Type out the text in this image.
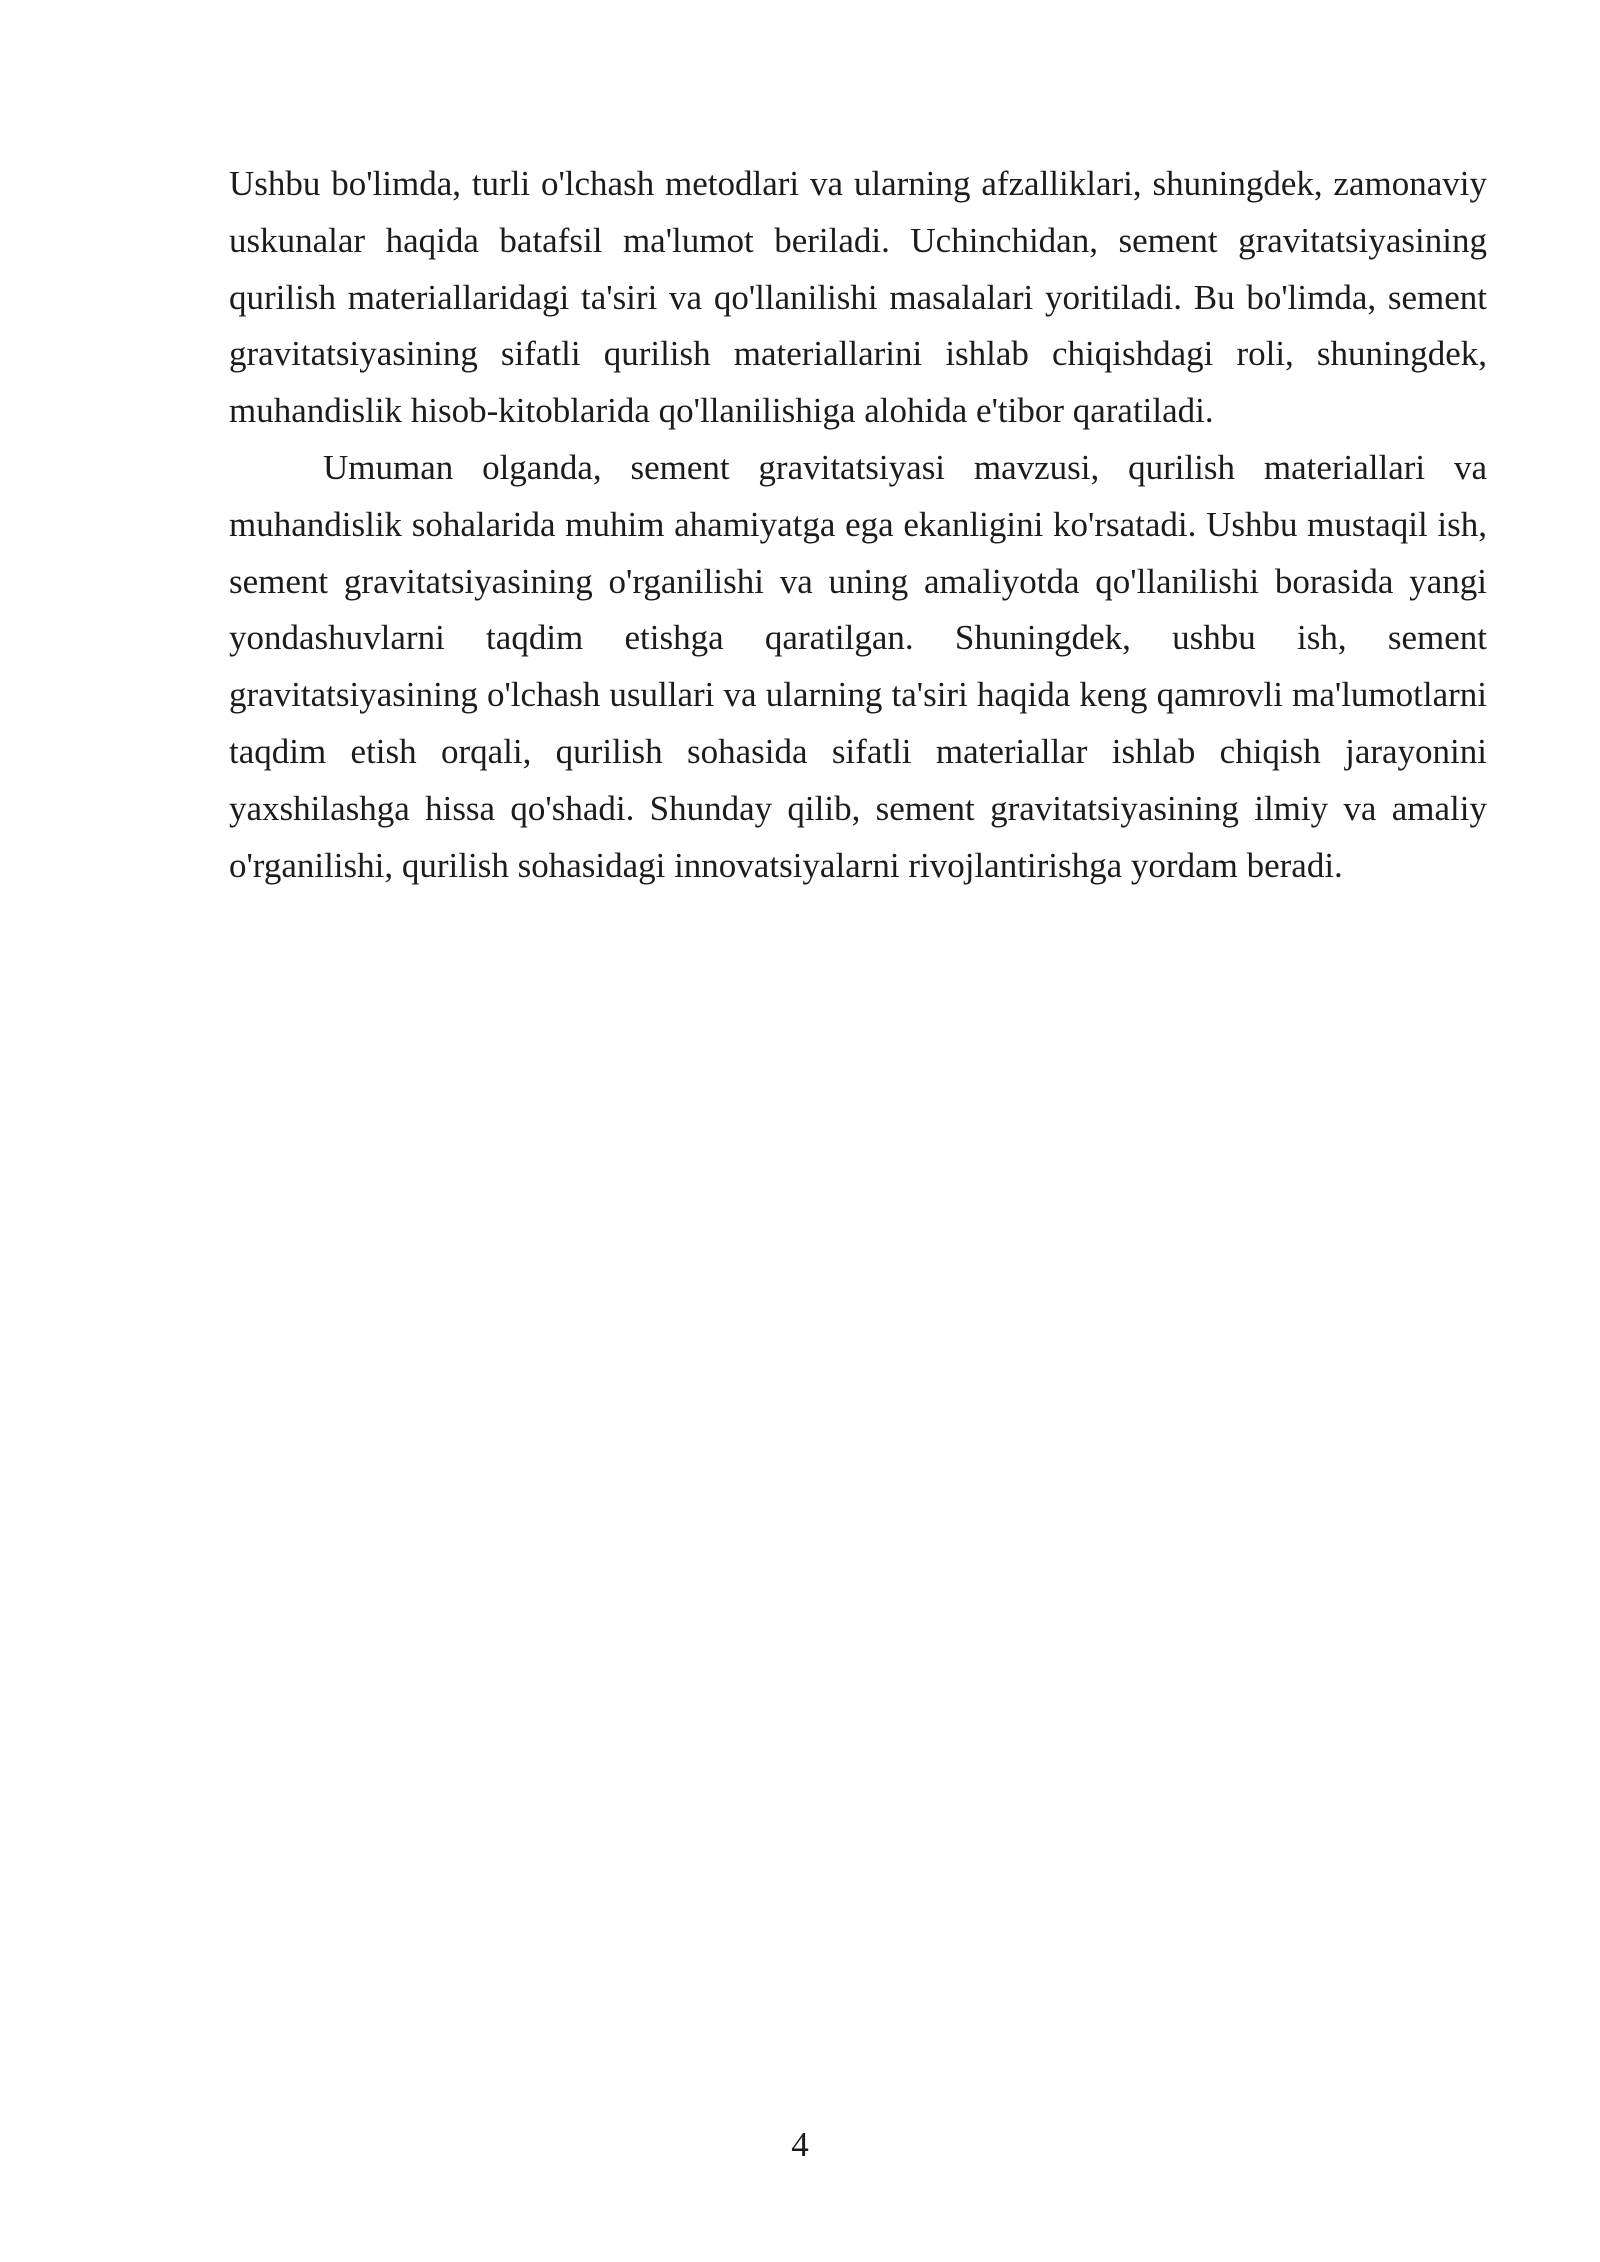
Ushbu bo'limda, turli o'lchash metodlari va ularning afzalliklari, shuningdek, zamonaviy uskunalar haqida batafsil ma'lumot beriladi. Uchinchidan, sement gravitatsiyasining qurilish materiallaridagi ta'siri va qo'llanilishi masalalari yoritiladi. Bu bo'limda, sement gravitatsiyasining sifatli qurilish materiallarini ishlab chiqishdagi roli, shuningdek, muhandislik hisob-kitoblarida qo'llanilishiga alohida e'tibor qaratiladi.

Umuman olganda, sement gravitatsiyasi mavzusi, qurilish materiallari va muhandislik sohalarida muhim ahamiyatga ega ekanligini ko'rsatadi. Ushbu mustaqil ish, sement gravitatsiyasining o'rganilishi va uning amaliyotda qo'llanilishi borasida yangi yondashuvlarni taqdim etishga qaratilgan. Shuningdek, ushbu ish, sement gravitatsiyasining o'lchash usullari va ularning ta'siri haqida keng qamrovli ma'lumotlarni taqdim etish orqali, qurilish sohasida sifatli materiallar ishlab chiqish jarayonini yaxshilashga hissa qo'shadi. Shunday qilib, sement gravitatsiyasining ilmiy va amaliy o'rganilishi, qurilish sohasidagi innovatsiyalarni rivojlantirishga yordam beradi.

4
